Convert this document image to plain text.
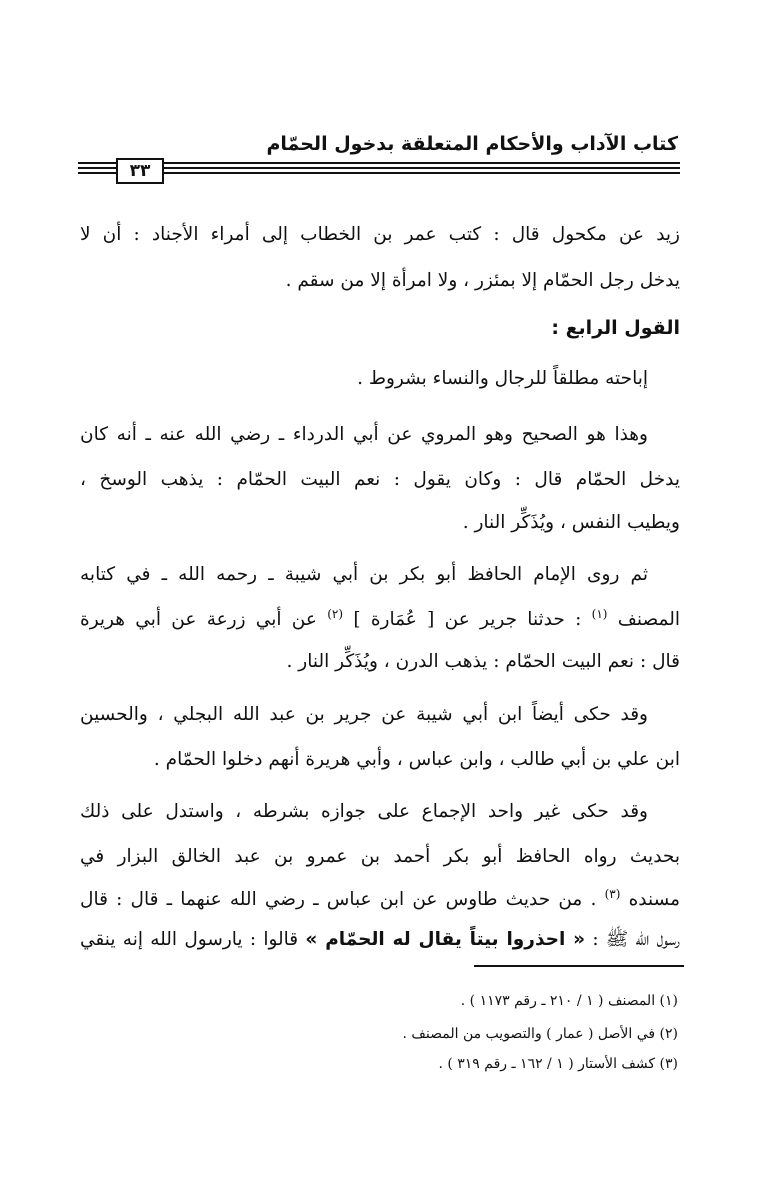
كتاب الآداب والأحكام المتعلقة بدخول الحمّام
٣٣
زيد عن مكحول قال : كتب عمر بن الخطاب إلى أمراء الأجناد : أن لا
يدخل رجل الحمّام إلا بمئزر ، ولا امرأة إلا من سقم .
القول الرابع :
إباحته مطلقاً للرجال والنساء بشروط .
وهذا هو الصحيح وهو المروي عن أبي الدرداء ـ رضي الله عنه ـ أنه كان
يدخل الحمّام قال : وكان يقول : نعم البيت الحمّام : يذهب الوسخ ،
ويطيب النفس ، ويُذَكِّر النار .
ثم روى الإمام الحافظ أبو بكر بن أبي شيبة ـ رحمه الله ـ في كتابه
المصنف $^{(١)}$ : حدثنا جرير عن [ عُمَارة ] $^{(٢)}$ عن أبي زرعة عن أبي هريرة
قال : نعم البيت الحمّام : يذهب الدرن ، ويُذَكِّر النار .
وقد حكى أيضاً ابن أبي شيبة عن جرير بن عبد الله البجلي ، والحسين
ابن علي بن أبي طالب ، وابن عباس ، وأبي هريرة أنهم دخلوا الحمّام .
وقد حكى غير واحد الإجماع على جوازه بشرطه ، واستدل على ذلك
بحديث رواه الحافظ أبو بكر أحمد بن عمرو بن عبد الخالق البزار في
مسنده $^{(٣)}$ . من حديث طاوس عن ابن عباس ـ رضي الله عنهما ـ قال : قال
رسول الله ﷺ : « احذروا بيتاً يقال له الحمّام » قالوا : يارسول الله إنه ينقي
(١) المصنف ( ١ / ٢١٠ ـ رقم ١١٧٣ ) .
(٢) في الأصل ( عمار ) والتصويب من المصنف .
(٣) كشف الأستار ( ١ / ١٦٢ ـ رقم ٣١٩ ) .
